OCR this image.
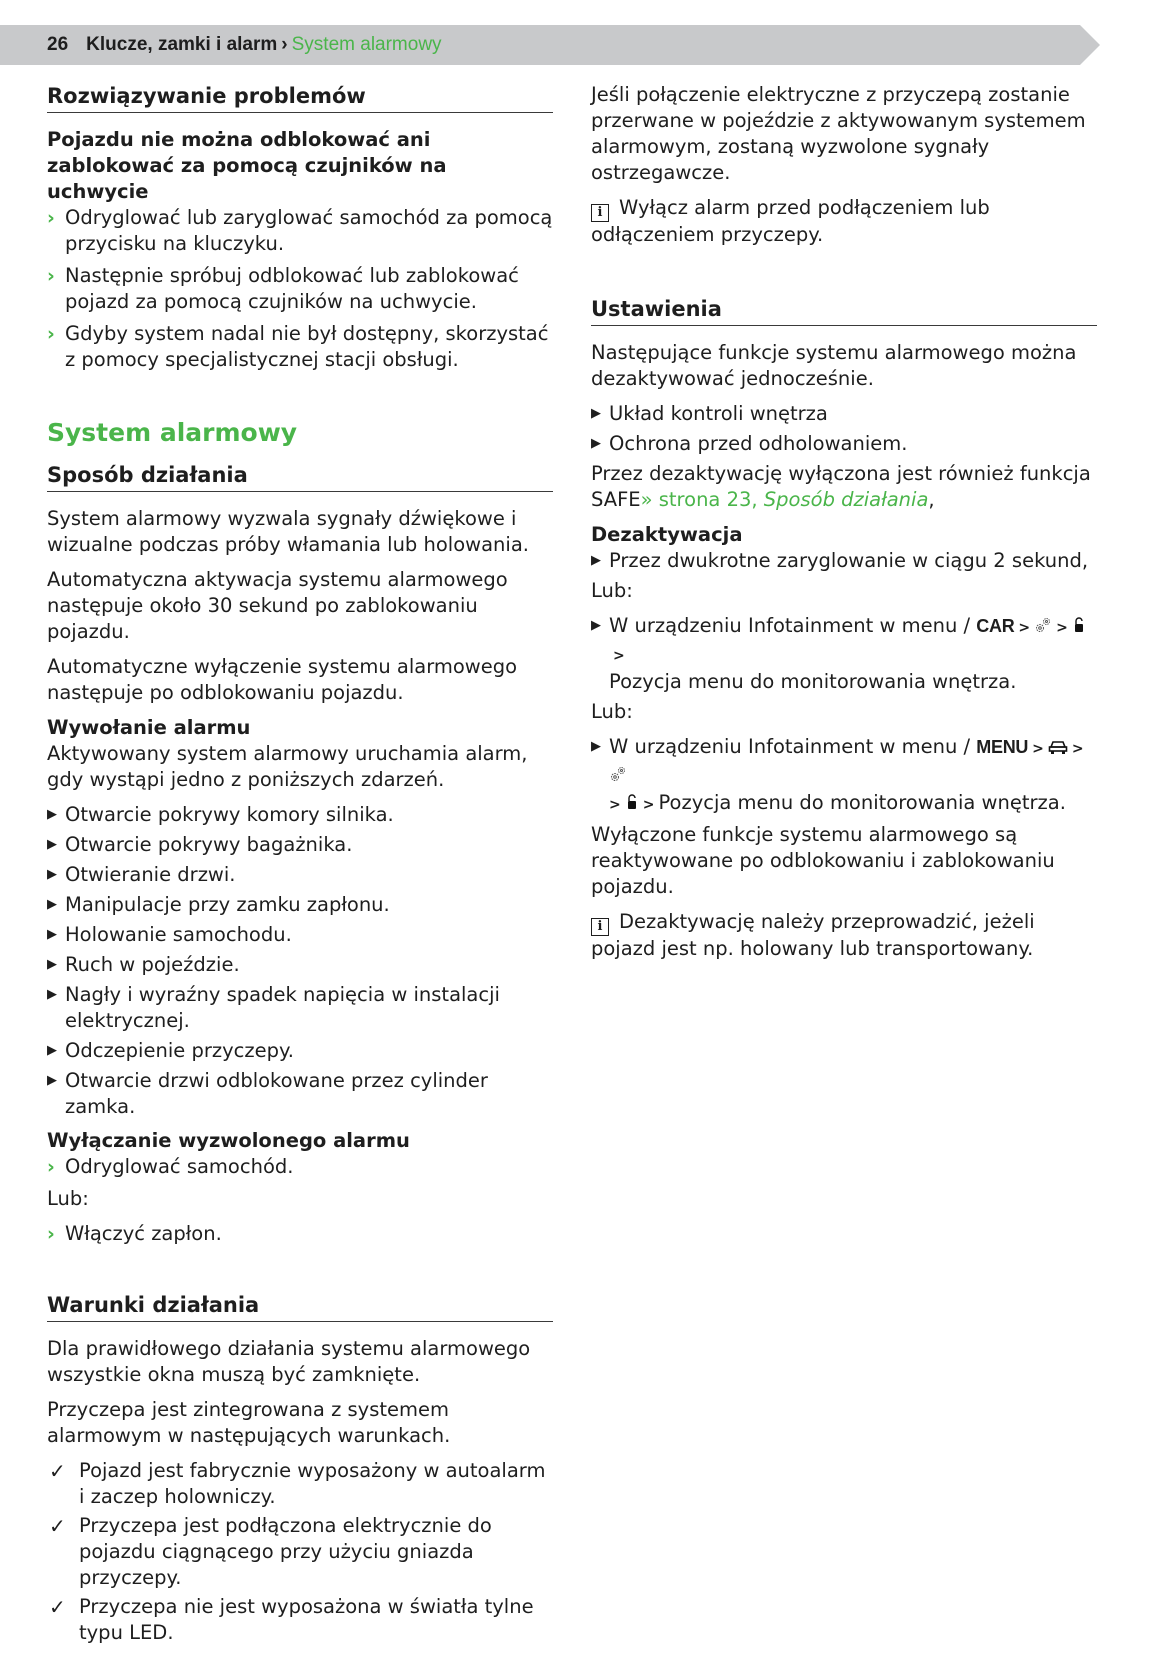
26 Klucze, zamki i alarm › System alarmowy
Rozwiązywanie problemów
Pojazdu nie można odblokować ani zablokować za pomocą czujników na uchwycie
› Odryglować lub zaryglować samochód za pomocą przycisku na kluczyku.
› Następnie spróbuj odblokować lub zablokować pojazd za pomocą czujników na uchwycie.
› Gdyby system nadal nie był dostępny, skorzystać z pomocy specjalistycznej stacji obsługi.
System alarmowy
Sposób działania

System alarmowy wyzwala sygnały dźwiękowe i wizualne podczas próby włamania lub holowania.

Automatyczna aktywacja systemu alarmowego następuje około 30 sekund po zablokowaniu pojazdu.

Automatyczne wyłączenie systemu alarmowego następuje po odblokowaniu pojazdu.

Wywołanie alarmu

Aktywowany system alarmowy uruchamia alarm, gdy wystąpi jedno z poniższych zdarzeń.

▶ Otwarcie pokrywy komory silnika.
▶ Otwarcie pokrywy bagażnika.
▶ Otwieranie drzwi.
▶ Manipulacje przy zamku zapłonu.
▶ Holowanie samochodu.
▶ Ruch w pojeździe.
▶ Nagły i wyraźny spadek napięcia w instalacji elektrycznej.
▶ Odczepienie przyczepy.
▶ Otwarcie drzwi odblokowane przez cylinder zamka.
Wyłączanie wyzwolonego alarmu
› Odryglować samochód.

Lub:

› Włączyć zapłon.
Warunki działania

Dla prawidłowego działania systemu alarmowego wszystkie okna muszą być zamknięte.

Przyczepa jest zintegrowana z systemem alarmowym w następujących warunkach.

✓ Pojazd jest fabrycznie wyposażony w autoalarm i zaczep holowniczy.
✓ Przyczepa jest podłączona elektrycznie do pojazdu ciągnącego przy użyciu gniazda przyczepy.
✓ Przyczepa nie jest wyposażona w światła tylne typu LED.

Jeśli połączenie elektryczne z przyczepą zostanie przerwane w pojeździe z aktywowanym systemem alarmowym, zostaną wyzwolone sygnały ostrzegawcze.

i Wyłącz alarm przed podłączeniem lub odłączeniem przyczepy.

Ustawienia

Następujące funkcje systemu alarmowego można dezaktywować jednocześnie.

▶ Układ kontroli wnętrza
▶ Ochrona przed odholowaniem.

Przez dezaktywację wyłączona jest również funkcja SAFE» strona 23, Sposób działania,

Dezaktywacja
▶ Przez dwukrotne zaryglowanie w ciągu 2 sekund,

Lub:

▶ W urządzeniu Infotainment w menu / CAR > >>
Pozycja menu do monitorowania wnętrza.

Lub:

▶ W urządzeniu Infotainment w menu / MENU > >
> > Pozycja menu do monitorowania wnętrza.

Wyłączone funkcje systemu alarmowego są reaktywowane po odblokowaniu i zablokowaniu pojazdu.

i Dezaktywację należy przeprowadzić, jeżeli pojazd jest np. holowany lub transportowany.
